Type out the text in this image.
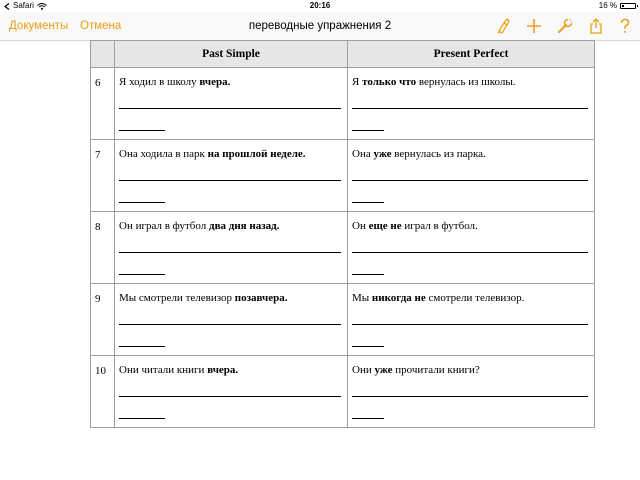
Safari	20:16	16 %
Документы Отмена	переводные упражнения 2
	Past Simple	Present Perfect
6	Я ходил в школу вчера.	Я только что вернулась из школы.

7	Она ходила в парк на прошлой неделе.	Она уже вернулась из парка.

8	Он играл в футбол два дня назад.	Он еще не играл в футбол.

9	Мы смотрели телевизор позавчера.	Мы никогда не смотрели телевизор.

10	Они читали книги вчера.	Они уже прочитали книги?
